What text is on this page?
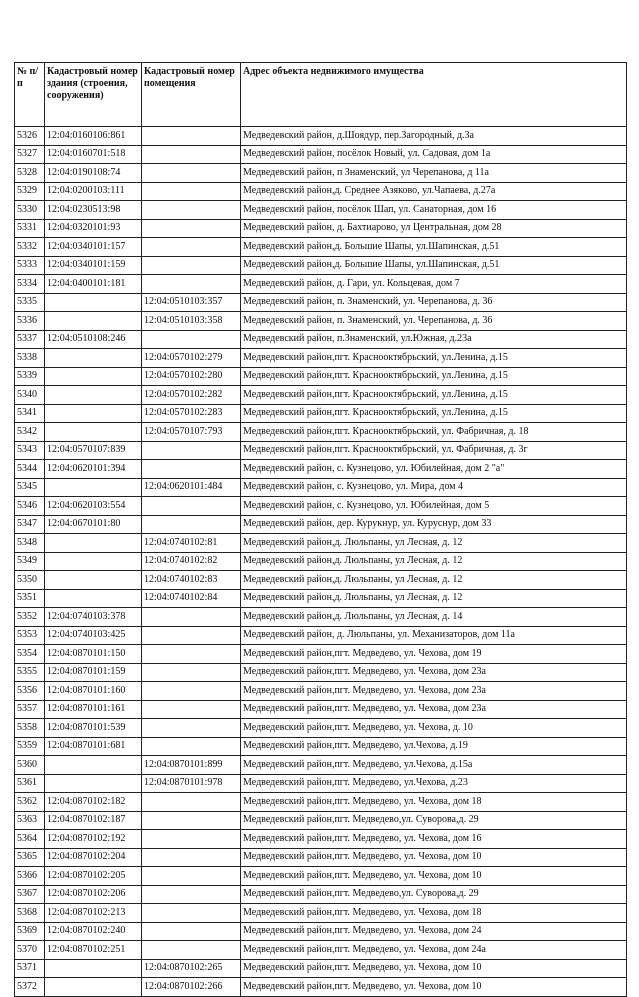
№ п/п	Кадастровый номер здания (строения, сооружения)	Кадастровый номер помещения	Адрес объекта недвижимого имущества
5326	12:04:0160106:861		Медведевский район, д.Шоядур, пер.Загородный, д.3а
5327	12:04:0160701:518		Медведевский район, посёлок Новый, ул. Садовая, дом 1а
5328	12:04:0190108:74		Медведевский район, п Знаменский, ул Черепанова, д 11а
5329	12:04:0200103:111		Медведевский район,д. Среднее Азяково, ул.Чапаева, д.27а
5330	12:04:0230513:98		Медведевский район, посёлок Шап, ул. Санаторная, дом 16
5331	12:04:0320101:93		Медведевский район, д. Бахтиарово, ул Центральная, дом 28
5332	12:04:0340101:157		Медведевский район,д. Большие Шапы, ул.Шапинская, д.51
5333	12:04:0340101:159		Медведевский район,д. Большие Шапы, ул.Шапинская, д.51
5334	12:04:0400101:181		Медведевский район, д. Гари, ул. Кольцевая, дом 7
5335		12:04:0510103:357	Медведевский район, п. Знаменский, ул. Черепанова, д. 36
5336		12:04:0510103:358	Медведевский район, п. Знаменский, ул. Черепанова, д. 36
5337	12:04:0510108:246		Медведевский район, п.Знаменский, ул.Южная, д.23а
5338		12:04:0570102:279	Медведевский район,пгт. Краснооктябрьский, ул.Ленина, д.15
5339		12:04:0570102:280	Медведевский район,пгт. Краснооктябрьский, ул.Ленина, д.15
5340		12:04:0570102:282	Медведевский район,пгт. Краснооктябрьский, ул.Ленина, д.15
5341		12:04:0570102:283	Медведевский район,пгт. Краснооктябрьский, ул.Ленина, д.15
5342		12:04:0570107:793	Медведевский район,пгт. Краснооктябрьский, ул. Фабричная, д. 18
5343	12:04:0570107:839		Медведевский район,пгт. Краснооктябрьский, ул. Фабричная, д. 3г
5344	12:04:0620101:394		Медведевский район, с. Кузнецово, ул. Юбилейная, дом 2 "а"
5345		12:04:0620101:484	Медведевский район, с. Кузнецово, ул. Мира, дом 4
5346	12:04:0620103:554		Медведевский район, с. Кузнецово, ул. Юбилейная, дом 5
5347	12:04:0670101:80		Медведевский район, дер. Курукнур, ул. Куруснур, дом 33
5348		12:04:0740102:81	Медведевский район,д. Люльпаны, ул Лесная, д. 12
5349		12:04:0740102:82	Медведевский район,д. Люльпаны, ул Лесная, д. 12
5350		12:04:0740102:83	Медведевский район,д. Люльпаны, ул Лесная, д. 12
5351		12:04:0740102:84	Медведевский район,д. Люльпаны, ул Лесная, д. 12
5352	12:04:0740103:378		Медведевский район,д. Люльпаны, ул Лесная, д. 14
5353	12:04:0740103:425		Медведевский район, д. Люльпаны, ул. Механизаторов, дом 11а
5354	12:04:0870101:150		Медведевский район,пгт. Медведево, ул. Чехова, дом 19
5355	12:04:0870101:159		Медведевский район,пгт. Медведево, ул. Чехова, дом 23а
5356	12:04:0870101:160		Медведевский район,пгт. Медведево, ул. Чехова, дом 23а
5357	12:04:0870101:161		Медведевский район,пгт. Медведево, ул. Чехова, дом 23а
5358	12:04:0870101:539		Медведевский район,пгт. Медведево, ул. Чехова, д. 10
5359	12:04:0870101:681		Медведевский район,пгт. Медведево, ул.Чехова, д.19
5360		12:04:0870101:899	Медведевский район,пгт. Медведево, ул.Чехова, д.15а
5361		12:04:0870101:978	Медведевский район,пгт. Медведево, ул.Чехова, д.23
5362	12:04:0870102:182		Медведевский район,пгт. Медведево, ул. Чехова, дом 18
5363	12:04:0870102:187		Медведевский район,пгт. Медведево,ул. Суворова,д. 29
5364	12:04:0870102:192		Медведевский район,пгт. Медведево, ул. Чехова, дом 16
5365	12:04:0870102:204		Медведевский район,пгт. Медведево, ул. Чехова, дом 10
5366	12:04:0870102:205		Медведевский район,пгт. Медведево, ул. Чехова, дом 10
5367	12:04:0870102:206		Медведевский район,пгт. Медведево,ул. Суворова,д. 29
5368	12:04:0870102:213		Медведевский район,пгт. Медведево, ул. Чехова, дом 18
5369	12:04:0870102:240		Медведевский район,пгт. Медведево, ул. Чехова, дом 24
5370	12:04:0870102:251		Медведевский район,пгт. Медведево, ул. Чехова, дом 24а
5371		12:04:0870102:265	Медведевский район,пгт. Медведево, ул. Чехова, дом 10
5372		12:04:0870102:266	Медведевский район,пгт. Медведево, ул. Чехова, дом 10
